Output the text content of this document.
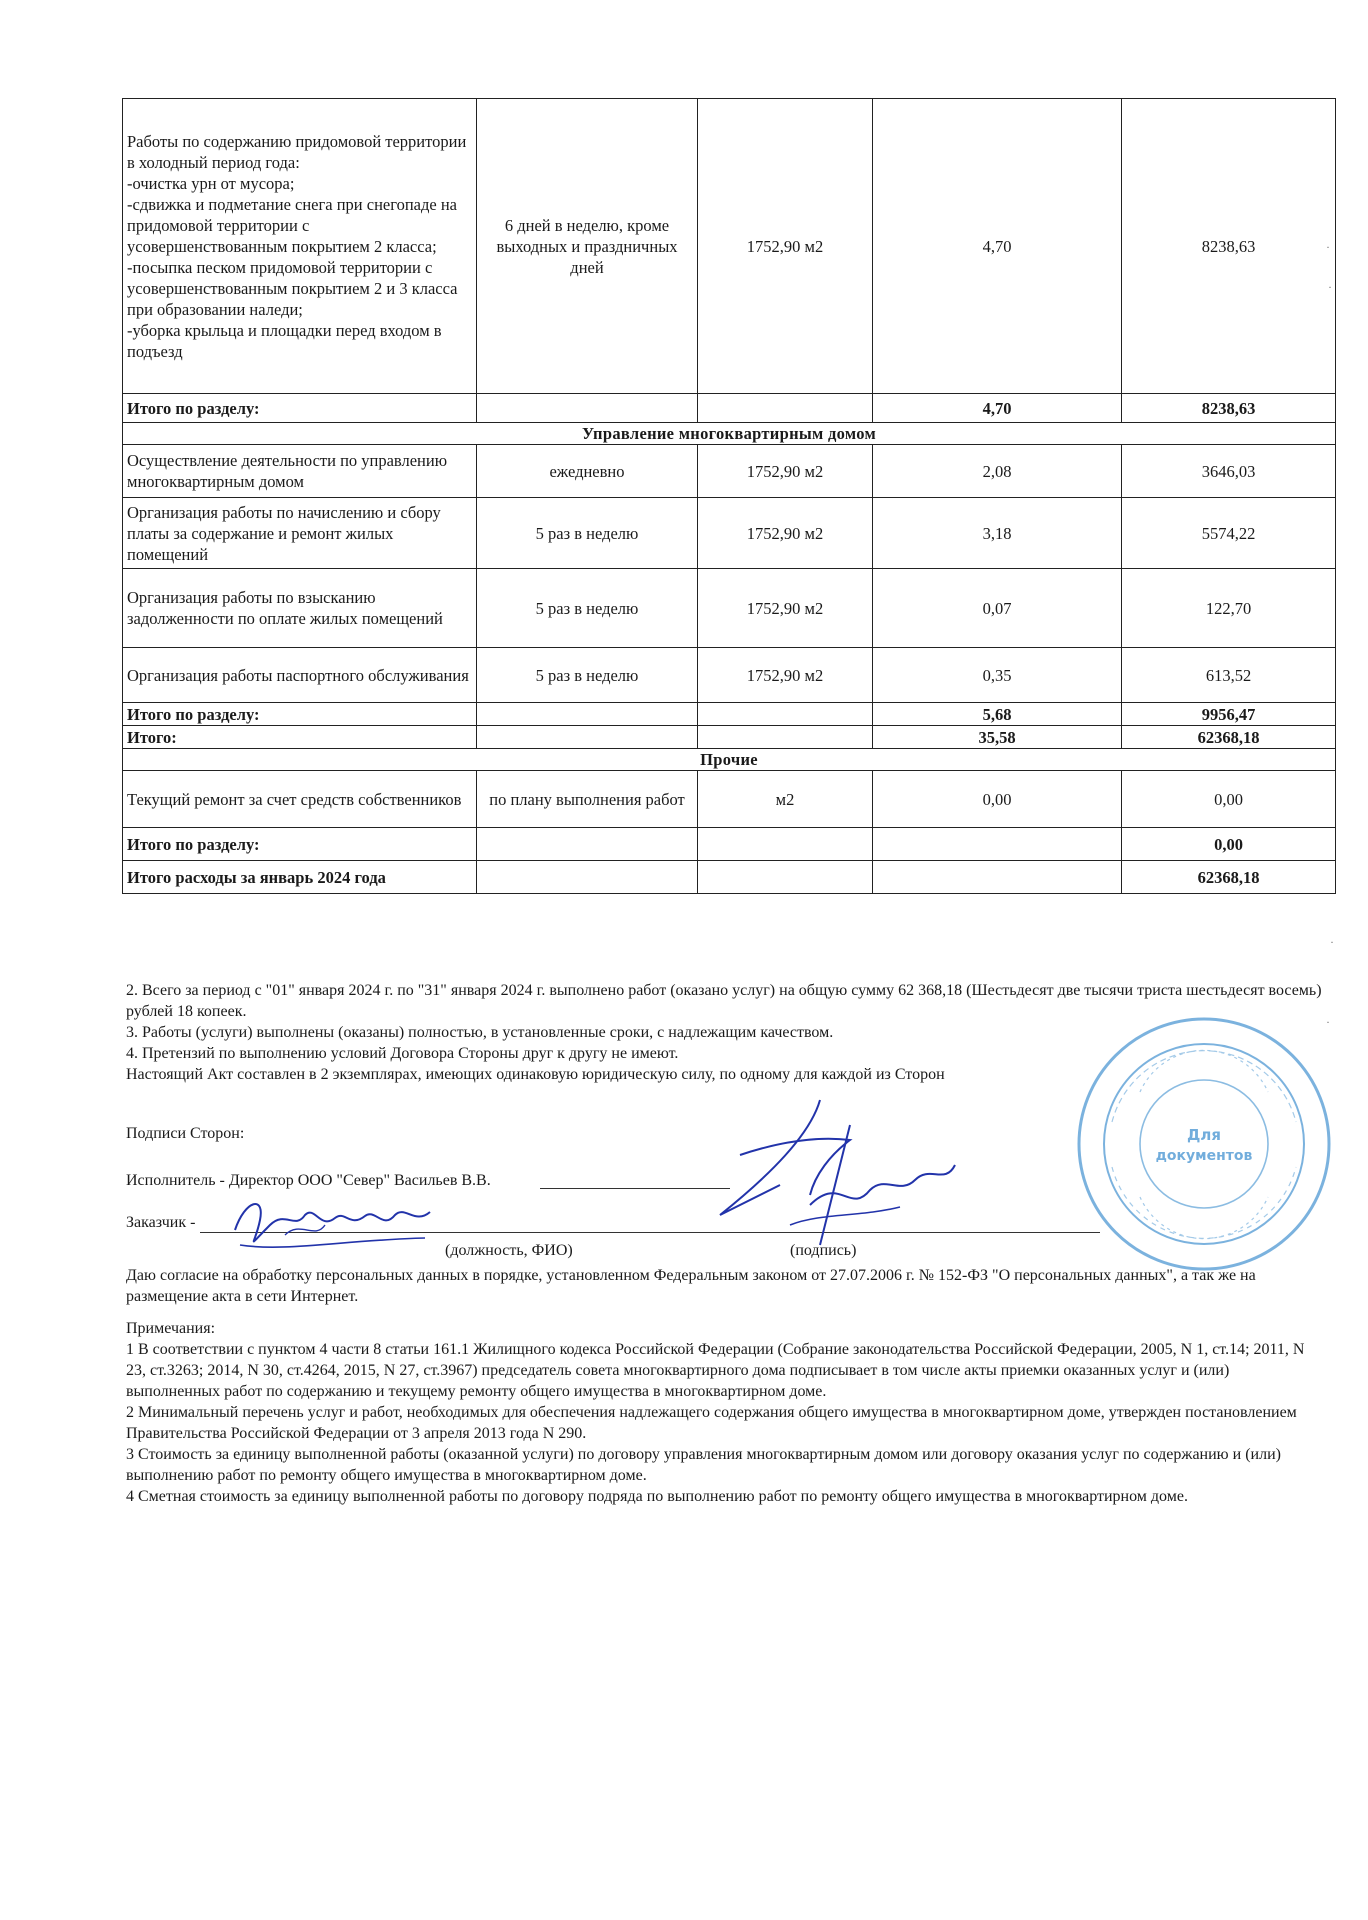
Работы по содержанию придомовой территории в холодный период года:
-очистка урн от мусора;
-сдвижка и подметание снега при снегопаде на придомовой территории с усовершенствованным покрытием 2 класса;
-посыпка песком придомовой территории с усовершенствованным покрытием 2 и 3 класса при образовании наледи;
-уборка крыльца и площадки перед входом в подъезд	6 дней в неделю, кроме выходных и праздничных дней	1752,90 м2	4,70	8238,63
Итого по разделу:			4,70	8238,63
Управление многоквартирным домом				
Осуществление деятельности по управлению многоквартирным домом	ежедневно	1752,90 м2	2,08	3646,03
Организация работы по начислению и сбору платы за содержание и ремонт жилых помещений	5 раз в неделю	1752,90 м2	3,18	5574,22
Организация работы по взысканию задолженности по оплате жилых помещений	5 раз в неделю	1752,90 м2	0,07	122,70
Организация работы паспортного обслуживания	5 раз в неделю	1752,90 м2	0,35	613,52
Итого по разделу:			5,68	9956,47
Итого:			35,58	62368,18
Прочие				
Текущий ремонт за счет средств собственников	по плану выполнения работ	м2	0,00	0,00
Итого по разделу:				0,00
Итого расходы за январь 2024 года				62368,18

2. Всего за период с "01" января 2024 г. по "31" января 2024 г. выполнено работ (оказано услуг) на общую сумму 62 368,18 (Шестьдесят две тысячи триста шестьдесят восемь) рублей 18 копеек.

3. Работы (услуги) выполнены (оказаны) полностью, в установленные сроки, с надлежащим качеством.

4. Претензий по выполнению условий Договора Стороны друг к другу не имеют.

Настоящий Акт составлен в 2 экземплярах, имеющих одинаковую юридическую силу, по одному для каждой из Сторон

Подписи Сторон:
Исполнитель - Директор ООО "Север" Васильев В.В.
Заказчик -
(должность, ФИО)	(подпись)
Для
документов
Даю согласие на обработку персональных данных в порядке, установленном Федеральным законом от 27.07.2006 г. № 152-ФЗ "О персональных данных", а так же на размещение акта в сети Интернет.

Примечания:

1 В соответствии с пунктом 4 части 8 статьи 161.1 Жилищного кодекса Российской Федерации (Собрание законодательства Российской Федерации, 2005, N 1, ст.14; 2011, N 23, ст.3263; 2014, N 30, ст.4264, 2015, N 27, ст.3967) председатель совета многоквартирного дома подписывает в том числе акты приемки оказанных услуг и (или) выполненных работ по содержанию и текущему ремонту общего имущества в многоквартирном доме.

2 Минимальный перечень услуг и работ, необходимых для обеспечения надлежащего содержания общего имущества в многоквартирном доме, утвержден постановлением Правительства Российской Федерации от 3 апреля 2013 года N 290.

3 Стоимость за единицу выполненной работы (оказанной услуги) по договору управления многоквартирным домом или договору оказания услуг по содержанию и (или) выполнению работ по ремонту общего имущества в многоквартирном доме.

4 Сметная стоимость за единицу выполненной работы по договору подряда по выполнению работ по ремонту общего имущества в многоквартирном доме.

·
·
·
·
